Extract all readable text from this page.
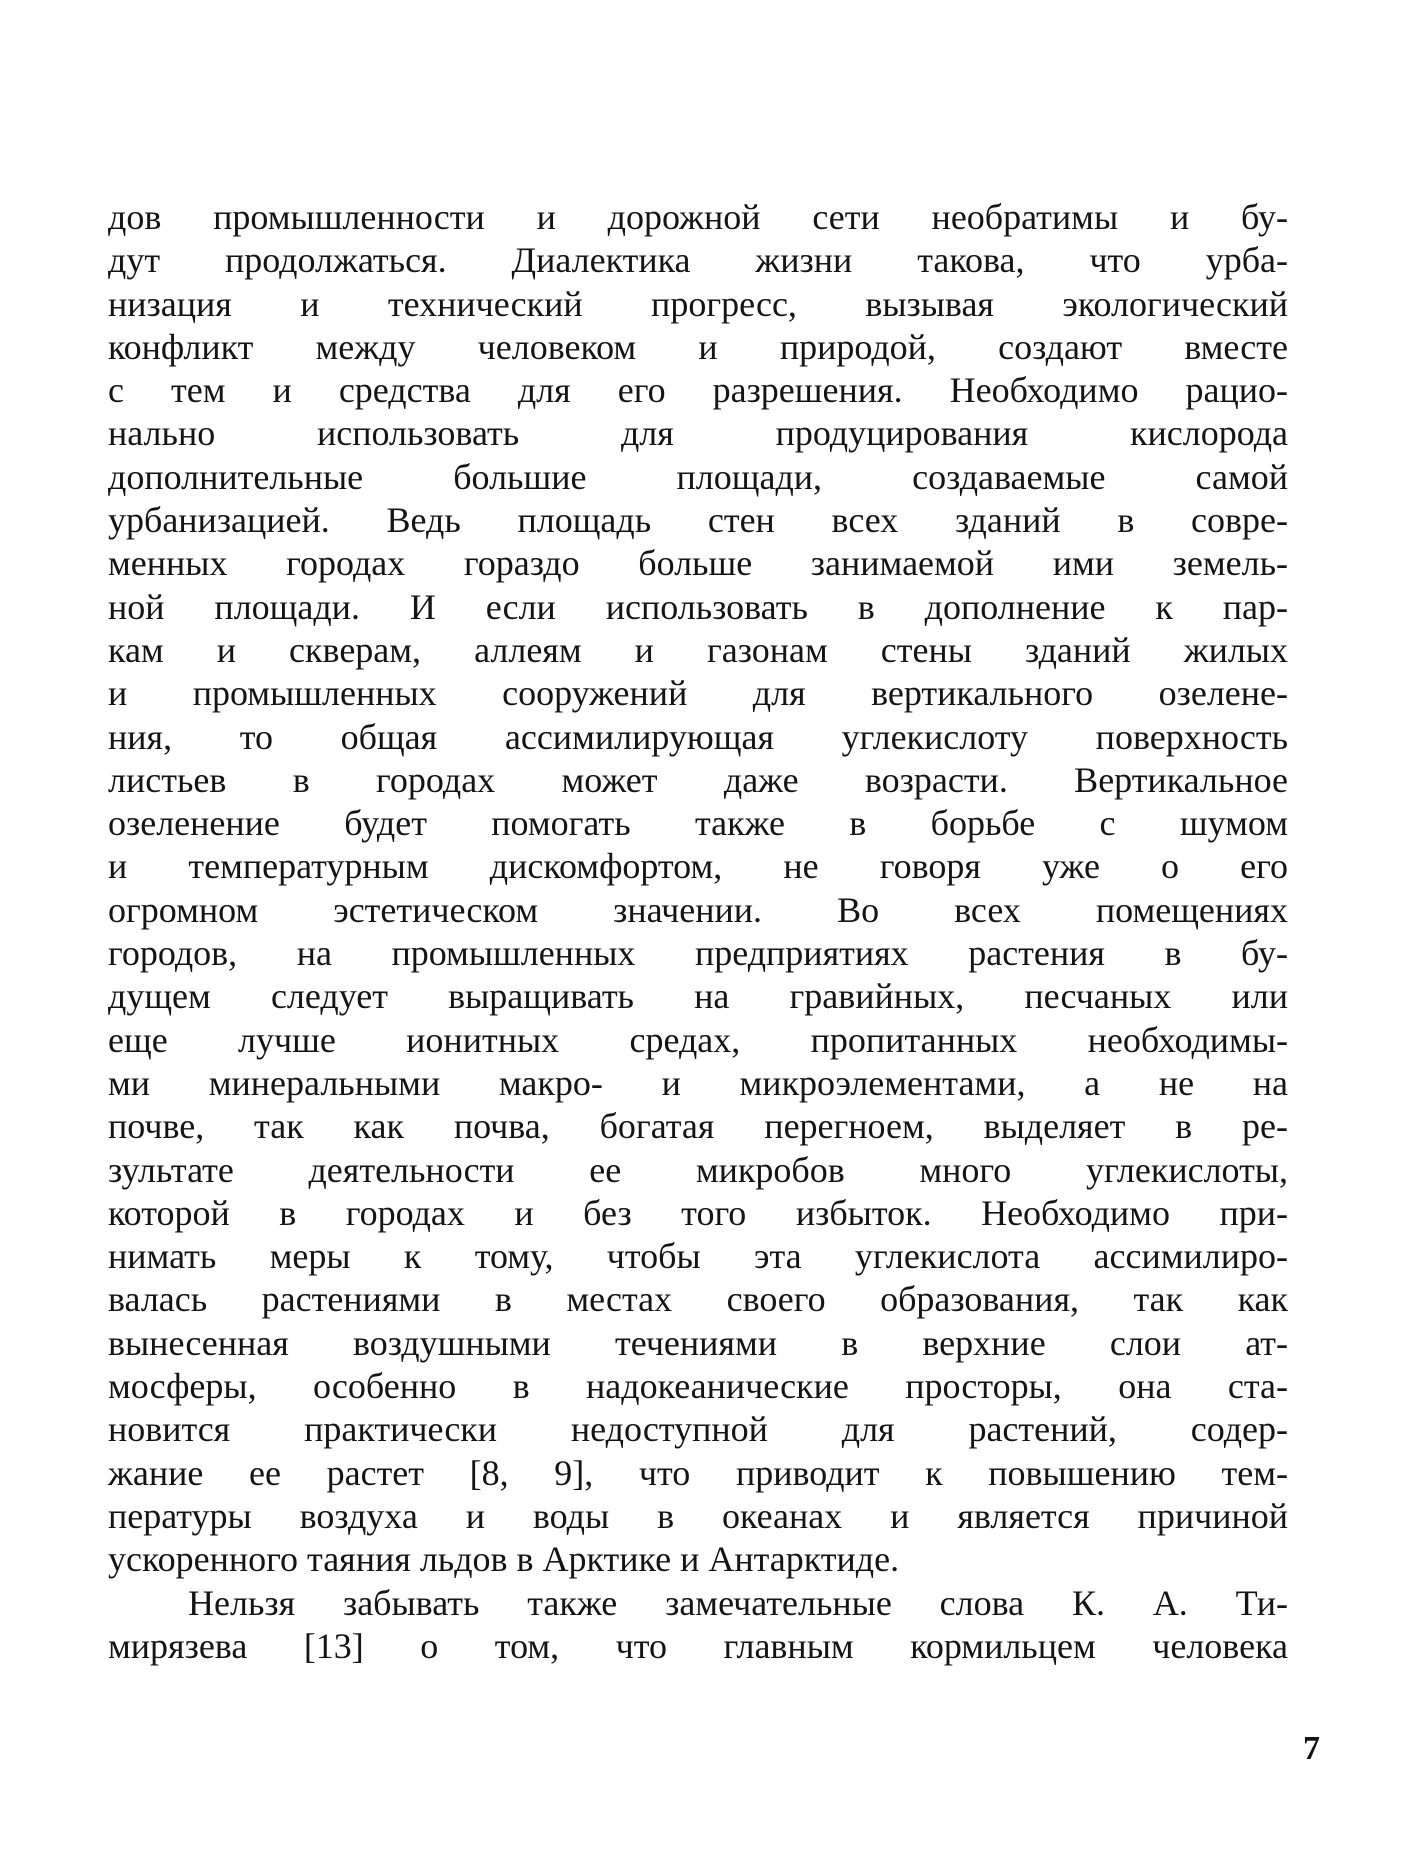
дов промышленности и дорожной сети необратимы и бу-
дут продолжаться. Диалектика жизни такова, что урба-
низация и технический прогресс, вызывая экологический
конфликт между человеком и природой, создают вместе
с тем и средства для его разрешения. Необходимо рацио-
нально использовать для продуцирования кислорода
дополнительные большие площади, создаваемые самой
урбанизацией. Ведь площадь стен всех зданий в совре-
менных городах гораздо больше занимаемой ими земель-
ной площади. И если использовать в дополнение к пар-
кам и скверам, аллеям и газонам стены зданий жилых
и промышленных сооружений для вертикального озелене-
ния, то общая ассимилирующая углекислоту поверхность
листьев в городах может даже возрасти. Вертикальное
озеленение будет помогать также в борьбе с шумом
и температурным дискомфортом, не говоря уже о его
огромном эстетическом значении. Во всех помещениях
городов, на промышленных предприятиях растения в бу-
дущем следует выращивать на гравийных, песчаных или
еще лучше ионитных средах, пропитанных необходимы-
ми минеральными макро- и микроэлементами, а не на
почве, так как почва, богатая перегноем, выделяет в ре-
зультате деятельности ее микробов много углекислоты,
которой в городах и без того избыток. Необходимо при-
нимать меры к тому, чтобы эта углекислота ассимилиро-
валась растениями в местах своего образования, так как
вынесенная воздушными течениями в верхние слои ат-
мосферы, особенно в надокеанические просторы, она ста-
новится практически недоступной для растений, содер-
жание ее растет [8, 9], что приводит к повышению тем-
пературы воздуха и воды в океанах и является причиной
ускоренного таяния льдов в Арктике и Антарктиде.
Нельзя забывать также замечательные слова К. А. Ти-
мирязева [13] о том, что главным кормильцем человека
7
